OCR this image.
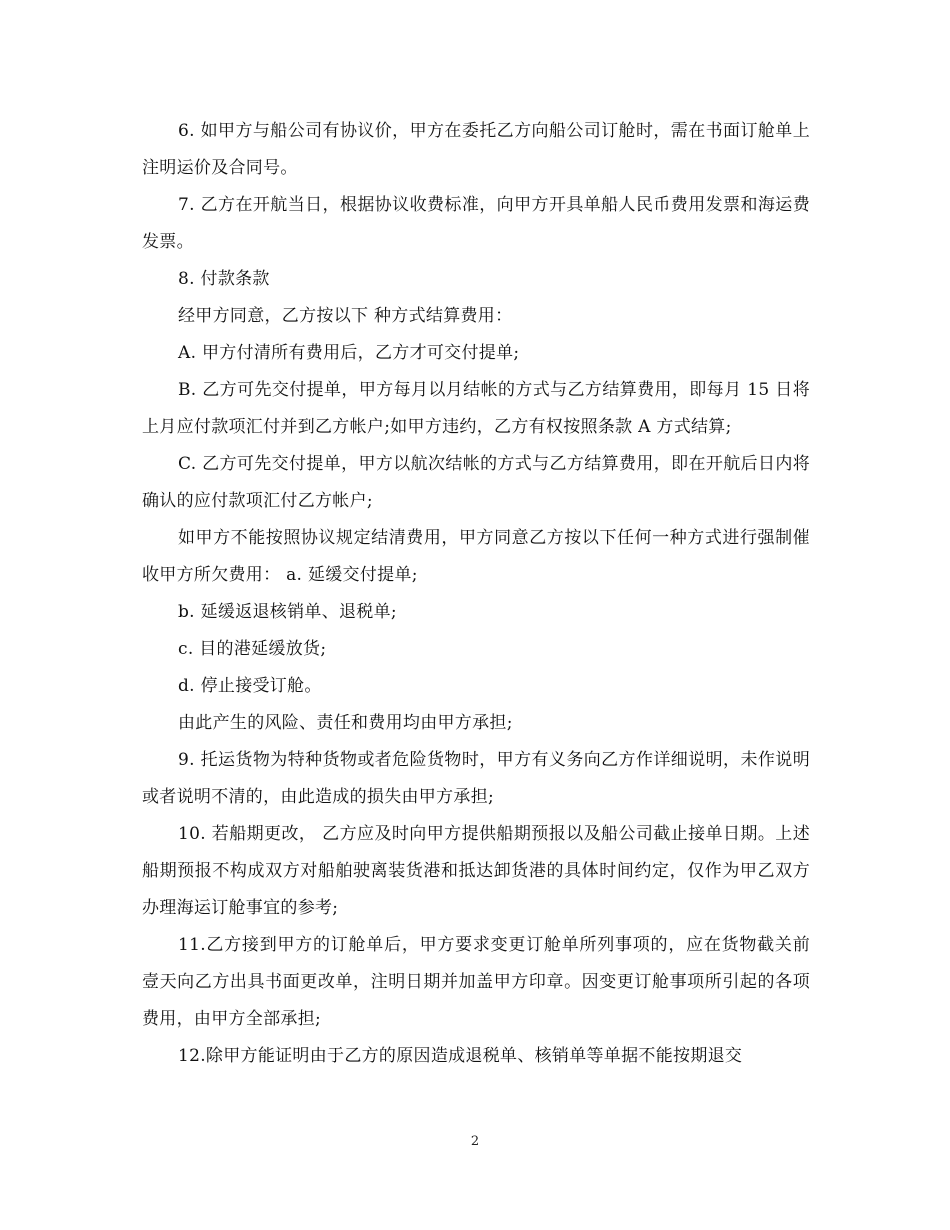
6. 如甲方与船公司有协议价，甲方在委托乙方向船公司订舱时，需在书面订舱单上注明运价及合同号。

7. 乙方在开航当日，根据协议收费标准，向甲方开具单船人民币费用发票和海运费发票。

8. 付款条款

经甲方同意，乙方按以下 种方式结算费用：

A. 甲方付清所有费用后，乙方才可交付提单;

B. 乙方可先交付提单，甲方每月以月结帐的方式与乙方结算费用，即每月 15 日将上月应付款项汇付并到乙方帐户;如甲方违约，乙方有权按照条款 A 方式结算;

C. 乙方可先交付提单，甲方以航次结帐的方式与乙方结算费用，即在开航后日内将确认的应付款项汇付乙方帐户;

如甲方不能按照协议规定结清费用，甲方同意乙方按以下任何一种方式进行强制催收甲方所欠费用： a. 延缓交付提单;

b. 延缓返退核销单、退税单;

c. 目的港延缓放货;

d. 停止接受订舱。

由此产生的风险、责任和费用均由甲方承担;

9. 托运货物为特种货物或者危险货物时，甲方有义务向乙方作详细说明，未作说明或者说明不清的，由此造成的损失由甲方承担;

10. 若船期更改， 乙方应及时向甲方提供船期预报以及船公司截止接单日期。上述船期预报不构成双方对船舶驶离装货港和抵达卸货港的具体时间约定，仅作为甲乙双方办理海运订舱事宜的参考;

11.乙方接到甲方的订舱单后，甲方要求变更订舱单所列事项的，应在货物截关前壹天向乙方出具书面更改单，注明日期并加盖甲方印章。因变更订舱事项所引起的各项费用，由甲方全部承担;

12.除甲方能证明由于乙方的原因造成退税单、核销单等单据不能按期退交

2
